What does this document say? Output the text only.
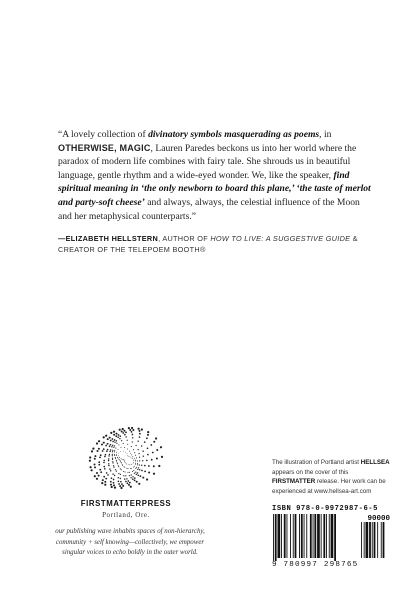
“A lovely collection of divinatory symbols masquerading as poems, in OTHERWISE, MAGIC, Lauren Paredes beckons us into her world where the paradox of modern life combines with fairy tale. She shrouds us in beautiful language, gentle rhythm and a wide-eyed wonder. We, like the speaker, find spiritual meaning in ‘the only newborn to board this plane,’ ‘the taste of merlot and party-soft cheese’ and always, always, the celestial influence of the Moon and her metaphysical counterparts.”

—ELIZABETH HELLSTERN, AUTHOR OF HOW TO LIVE: A SUGGESTIVE GUIDE & CREATOR OF THE TELEPOEM BOOTH®

FIRSTMATTERPRESS
Portland, Ore.

our publishing wave inhabits spaces of non-hierarchy, community + self knowing—collectively, we empower singular voices to echo boldly in the outer world.

The illustration of Portland artist HELLSEA appears on the cover of this FIRSTMATTER release. Her work can be experienced at www.hellsea-art.com

ISBN 978-0-9972987-6-5
90000
9 780997 298765
